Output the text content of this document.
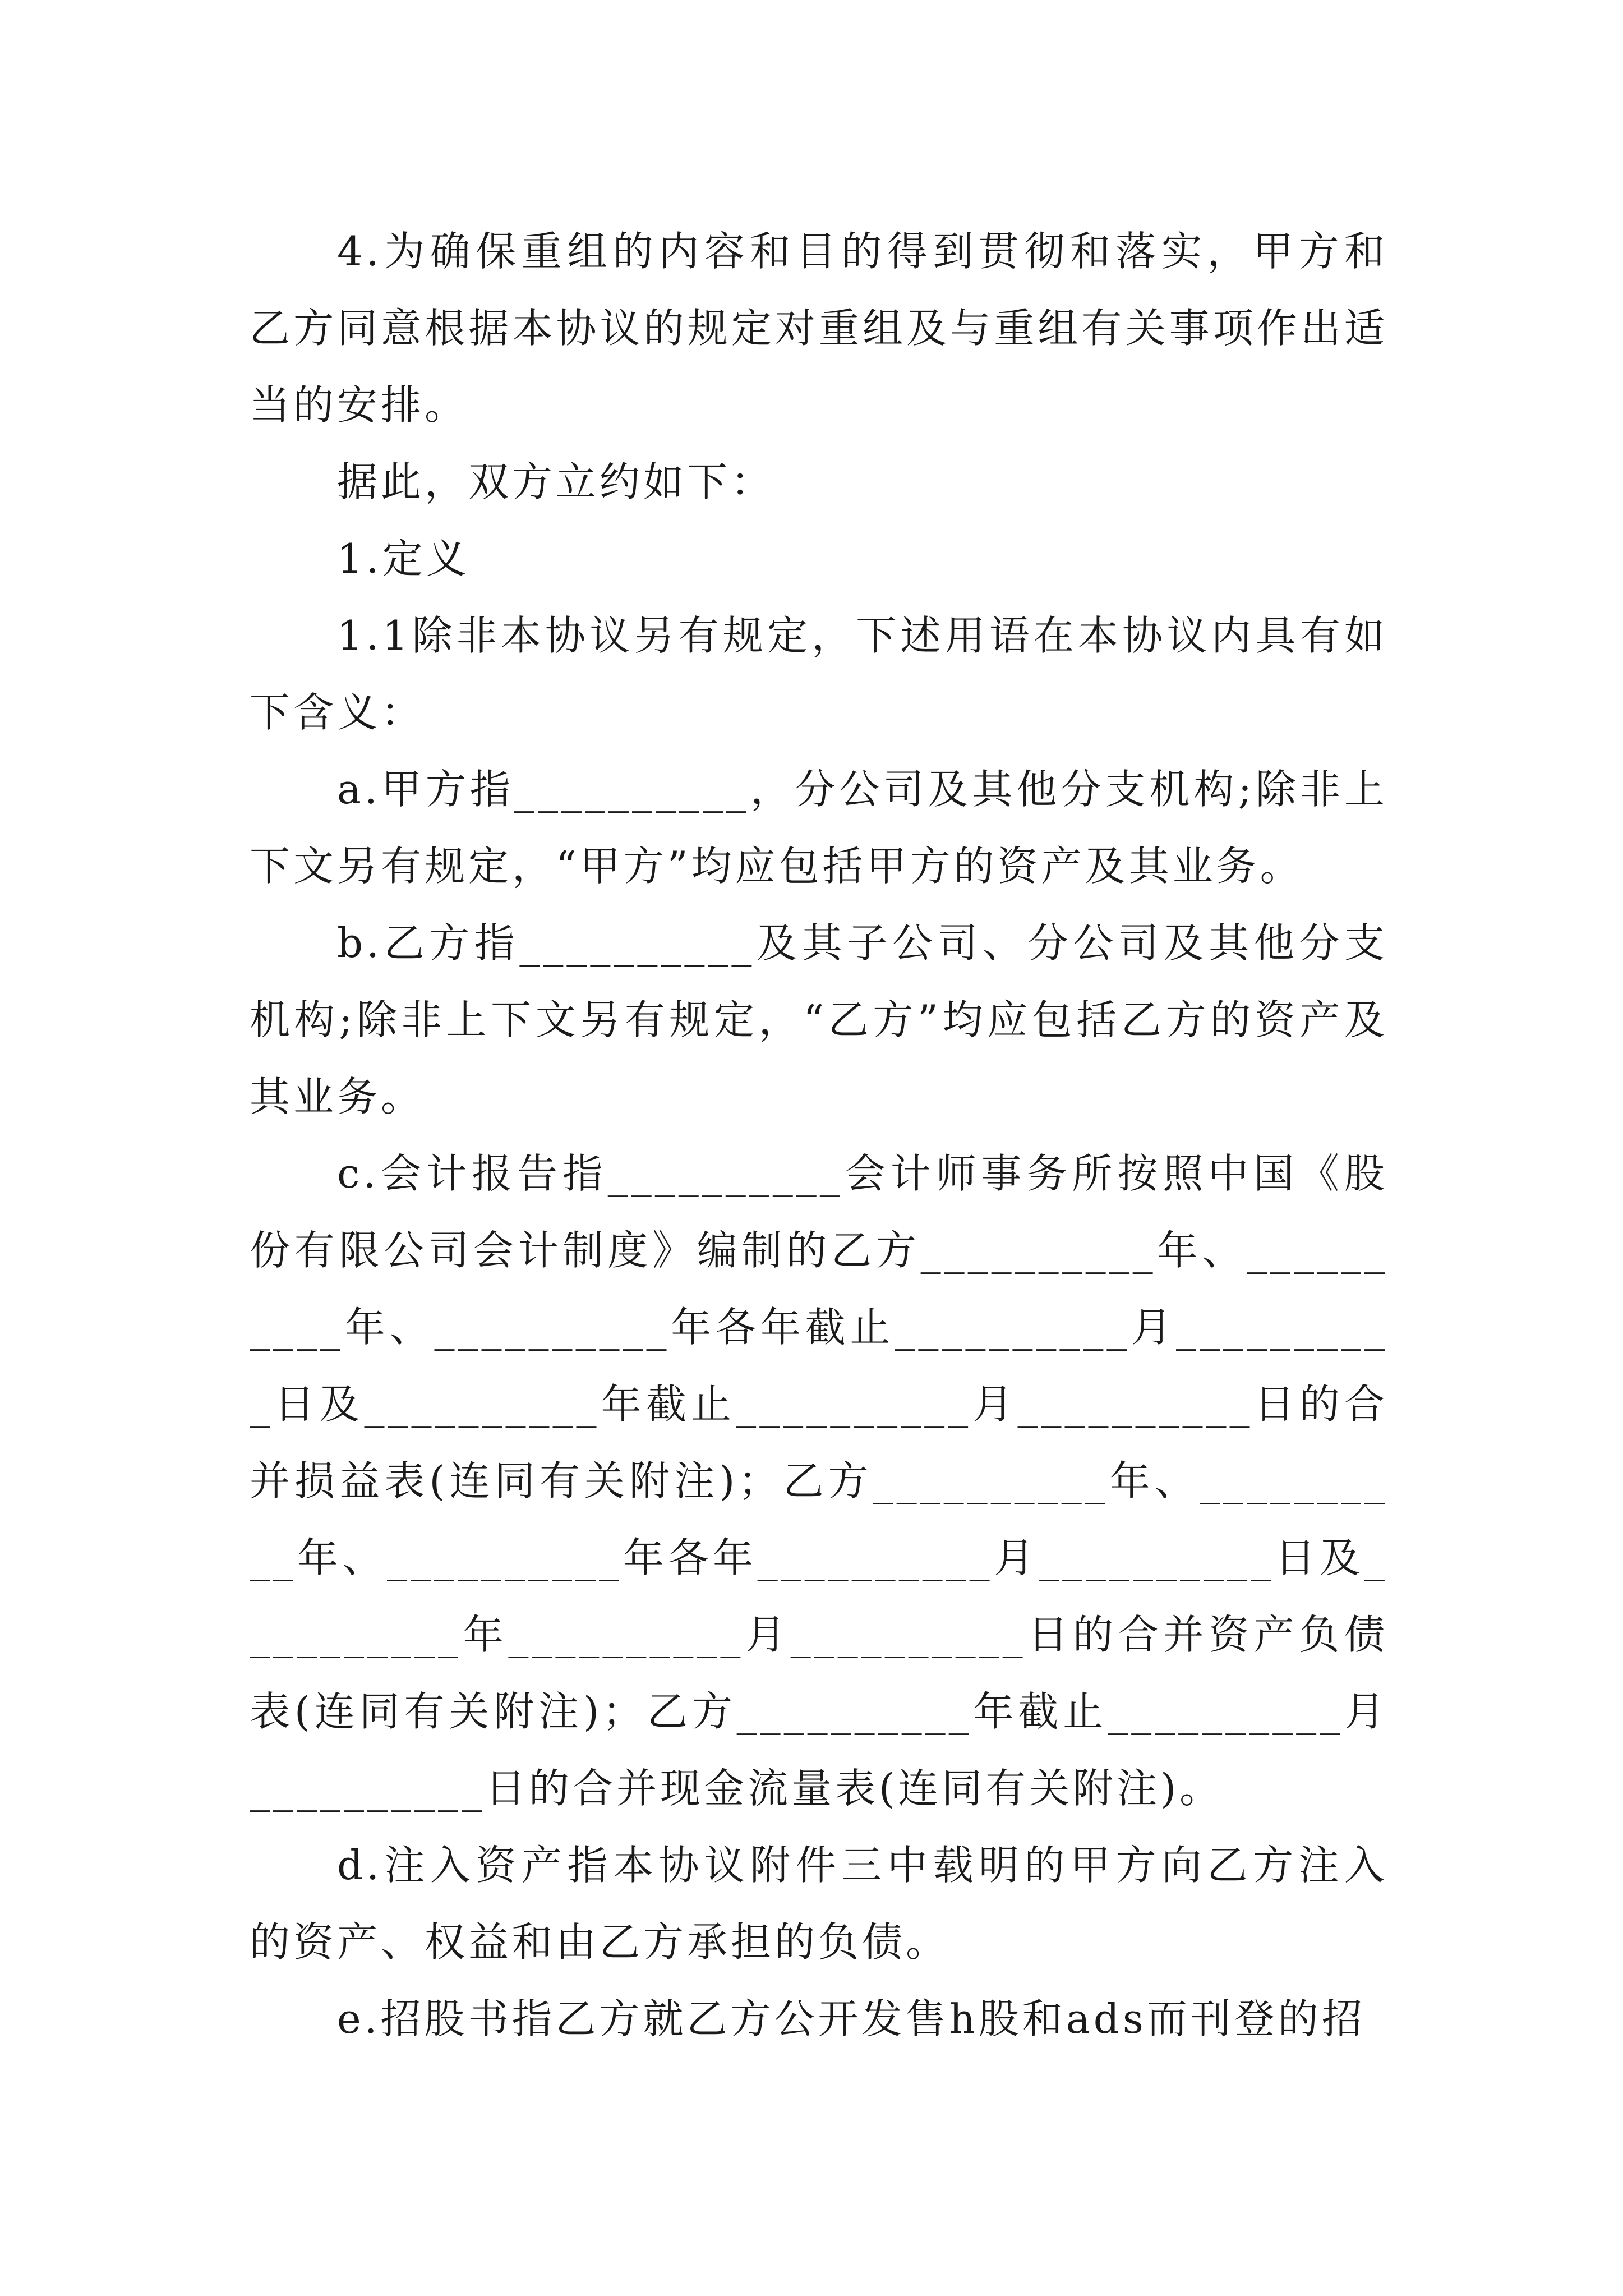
4.为确保重组的内容和目的得到贯彻和落实，甲方和乙方同意根据本协议的规定对重组及与重组有关事项作出适当的安排。

据此，双方立约如下：

1.定义

1.1除非本协议另有规定，下述用语在本协议内具有如下含义：

a.甲方指__________，分公司及其他分支机构;除非上下文另有规定，“甲方”均应包括甲方的资产及其业务。

b.乙方指__________及其子公司、分公司及其他分支机构;除非上下文另有规定，“乙方”均应包括乙方的资产及其业务。

c.会计报告指__________会计师事务所按照中国《股份有限公司会计制度》编制的乙方__________年、__________年、__________年各年截止__________月__________日及__________年截止__________月__________日的合并损益表(连同有关附注)；乙方__________年、__________年、__________年各年__________月__________日及__________年__________月__________日的合并资产负债表(连同有关附注)；乙方__________年截止__________月__________日的合并现金流量表(连同有关附注)。

d.注入资产指本协议附件三中载明的甲方向乙方注入的资产、权益和由乙方承担的负债。

e.招股书指乙方就乙方公开发售h股和ads而刊登的招
